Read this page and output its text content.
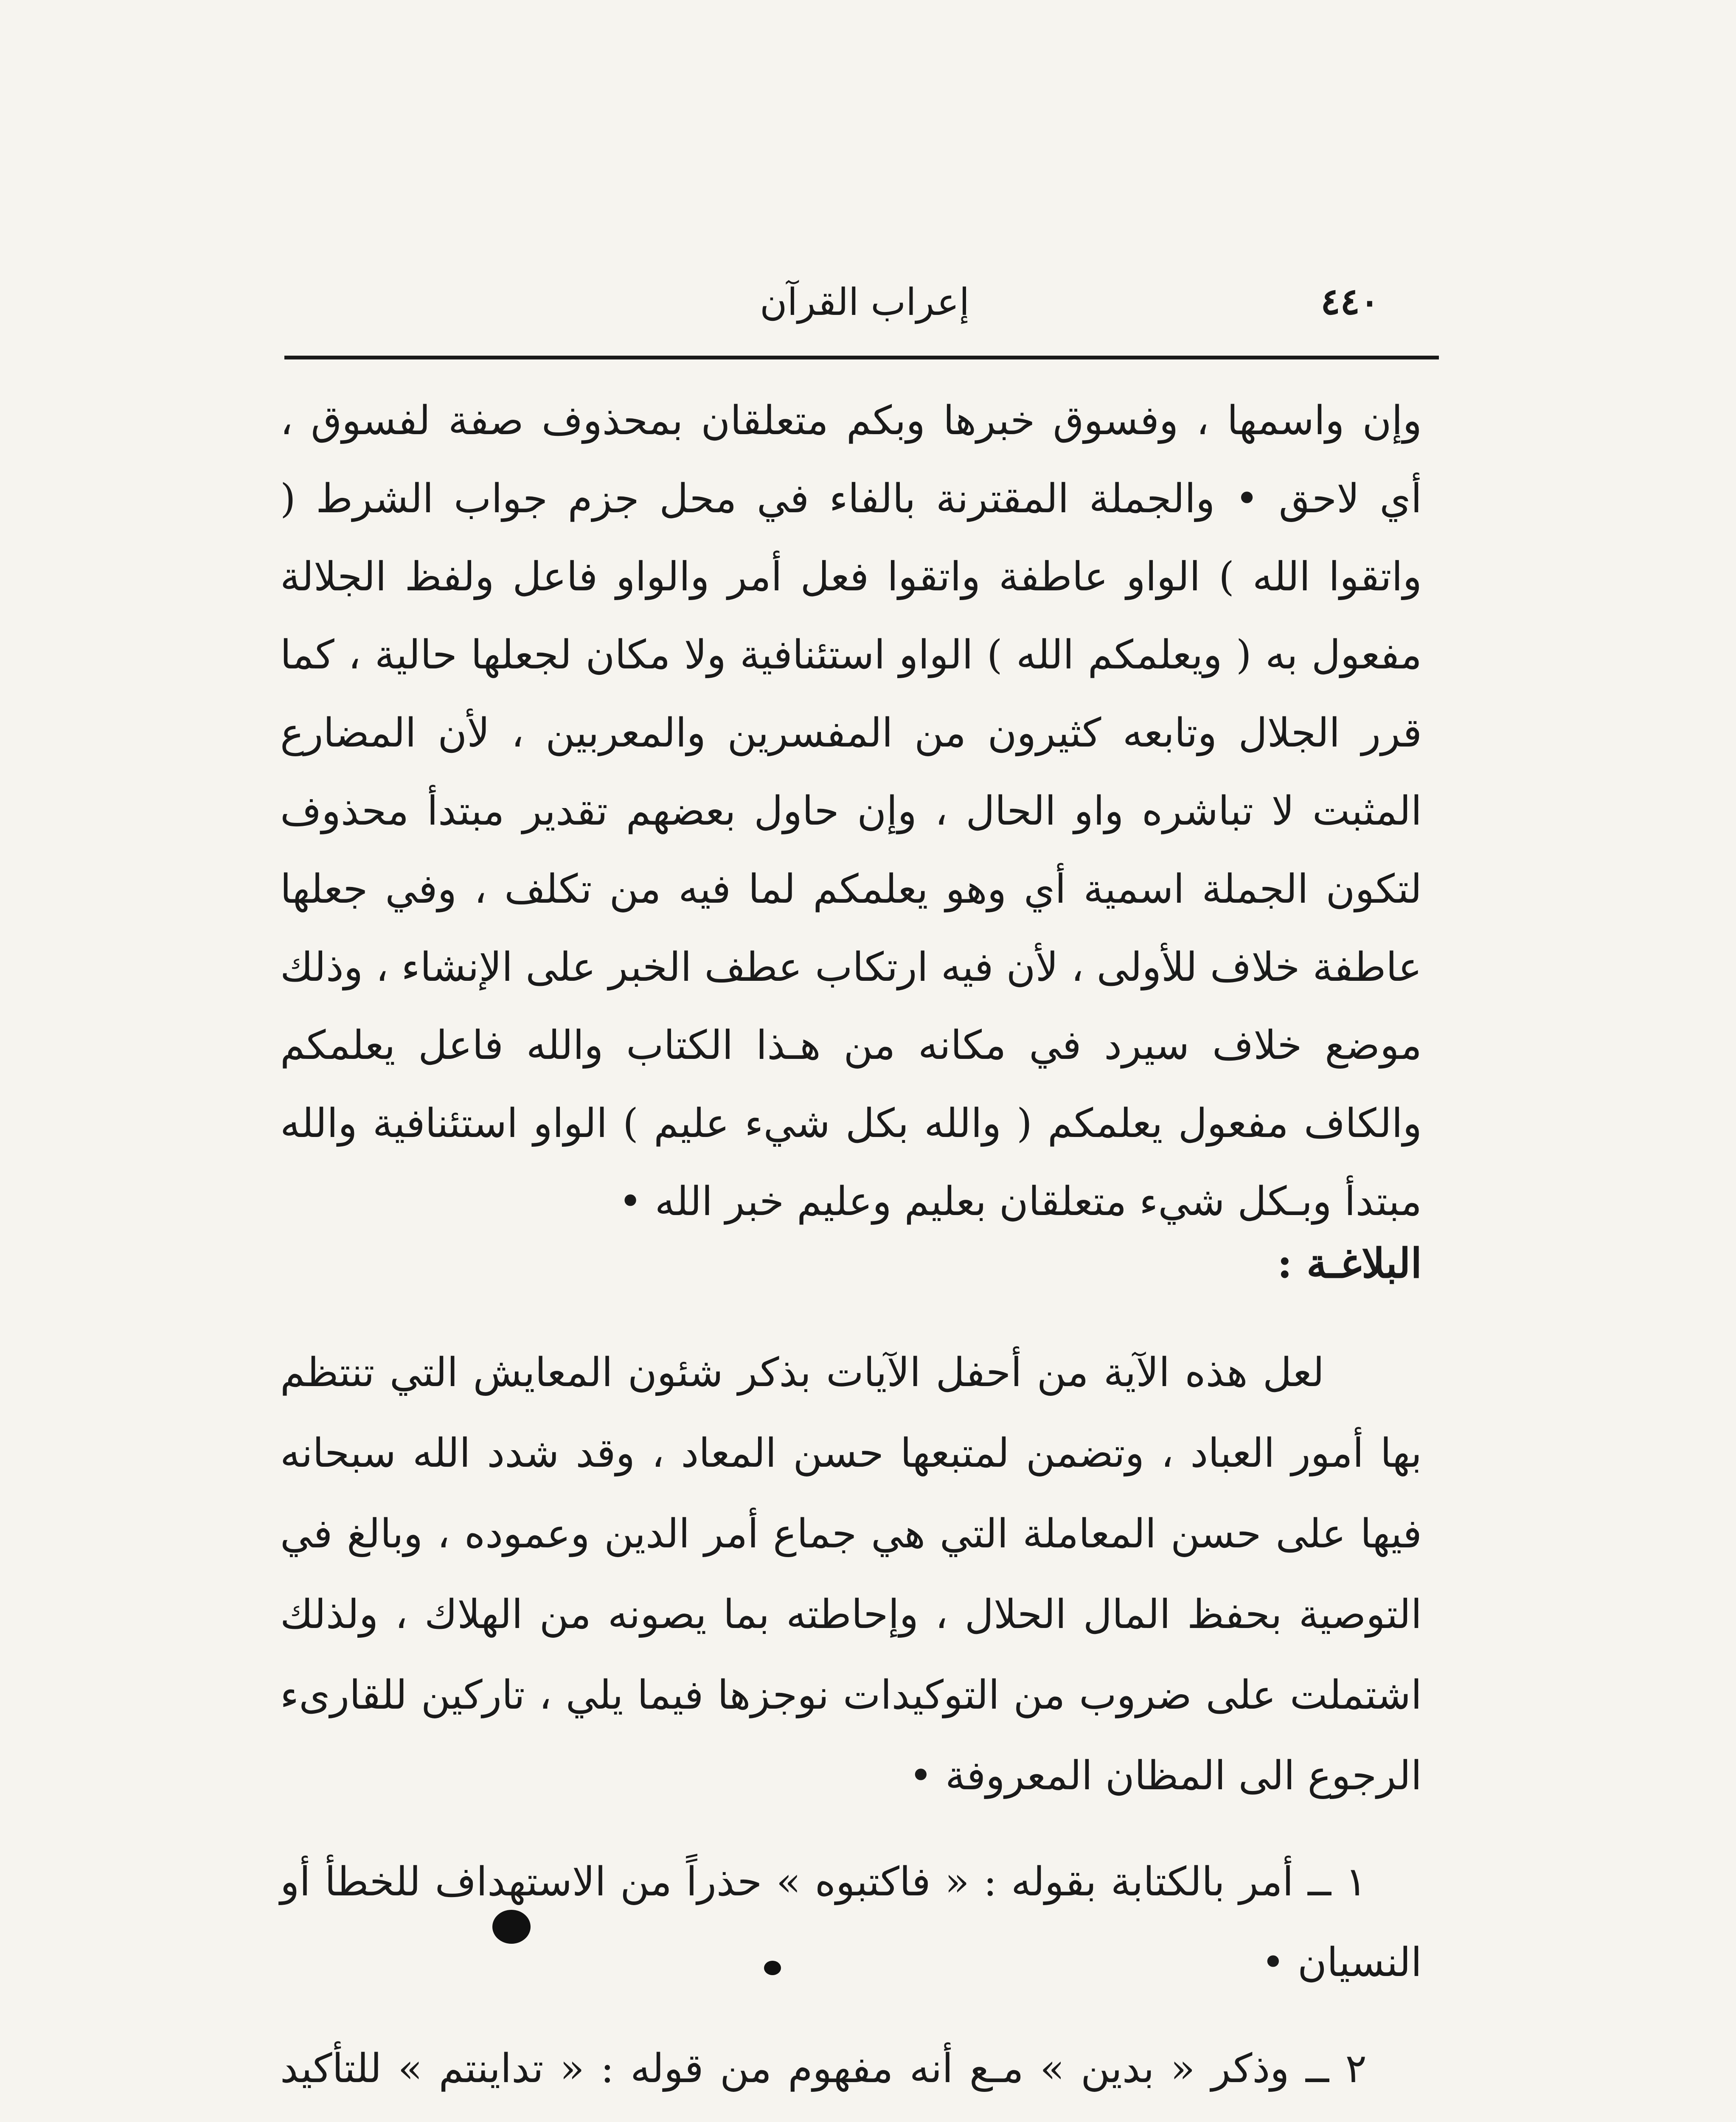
٤٤٠
إعراب القرآن

وإن واسمها ، وفسوق خبرها وبكم متعلقان بمحذوف صفة لفسوق ، أي لاحق • والجملة المقترنة بالفاء في محل جزم جواب الشرط ( واتقوا الله ) الواو عاطفة واتقوا فعل أمر والواو فاعل ولفظ الجلالة مفعول به ( ويعلمكم الله ) الواو استئنافية ولا مكان لجعلها حالية ، كما قرر الجلال وتابعه كثيرون من المفسرين والمعربين ، لأن المضارع المثبت لا تباشره واو الحال ، وإن حاول بعضهم تقدير مبتدأ محذوف لتكون الجملة اسمية أي وهو يعلمكم لما فيه من تكلف ، وفي جعلها عاطفة خلاف للأولى ، لأن فيه ارتكاب عطف الخبر على الإنشاء ، وذلك موضع خلاف سيرد في مكانه من هـذا الكتاب والله فاعل يعلمكم والكاف مفعول يعلمكم ( والله بكل شيء عليم ) الواو استئنافية والله مبتدأ وبـكل شيء متعلقان بعليم وعليم خبر الله •

البلاغـة :

لعل هذه الآية من أحفل الآيات بذكر شئون المعايش التي تنتظم بها أمور العباد ، وتضمن لمتبعها حسن المعاد ، وقد شدد الله سبحانه فيها على حسن المعاملة التي هي جماع أمر الدين وعموده ، وبالغ في التوصية بحفظ المال الحلال ، وإحاطته بما يصونه من الهلاك ، ولذلك اشتملت على ضروب من التوكيدات نوجزها فيما يلي ، تاركين للقارىء الرجوع الى المظان المعروفة •

١ ــ أمر بالكتابة بقوله : « فاكتبوه » حذراً من الاستهداف للخطأ أو النسيان •

٢ ــ وذكر « بدين » مـع أنه مفهوم من قوله : « تداينتم » للتأكيد
